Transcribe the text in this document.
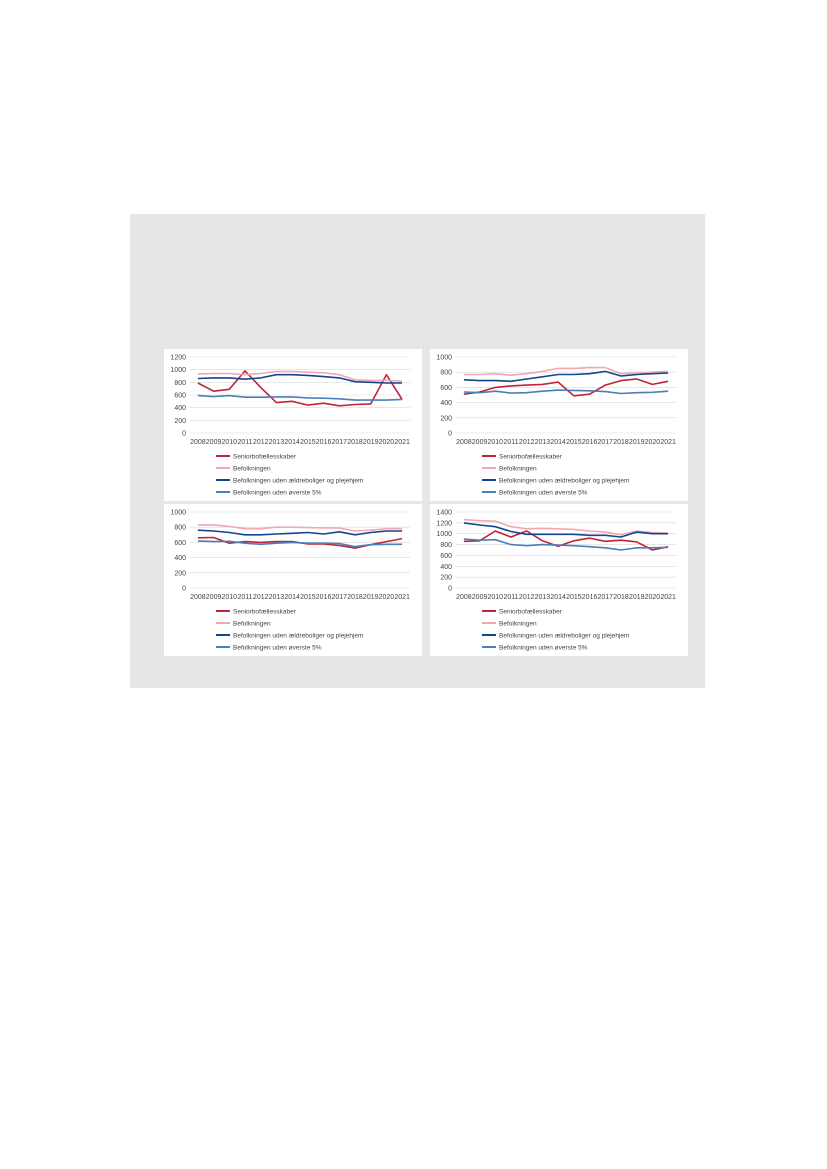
0
200
400
600
800
1000
1200
2008 2009 2010 2011 2012 2013 2014 2015 2016 2017 2018 2019 2020 2021
Seniorbofællesskaber
Befolkningen
Befolkningen uden ældreboliger og plejehjem
Befolkningen uden øverste 5%
0
200
400
600
800
1000
2008 2009 2010 2011 2012 2013 2014 2015 2016 2017 2018 2019 2020 2021
Seniorbofællesskaber
Befolkningen
Befolkningen uden ældreboliger og plejehjem
Befolkningen uden øverste 5%
0
200
400
600
800
1000
2008 2009 2010 2011 2012 2013 2014 2015 2016 2017 2018 2019 2020 2021
Seniorbofællesskaber
Befolkningen
Befolkningen uden ældreboliger og plejehjem
Befolkningen uden øverste 5%
0
200
400
600
800
1000
1200
1400
2008 2009 2010 2011 2012 2013 2014 2015 2016 2017 2018 2019 2020 2021
Seniorbofællesskaber
Befolkningen
Befolkningen uden ældreboliger og plejehjem
Befolkningen uden øverste 5%
